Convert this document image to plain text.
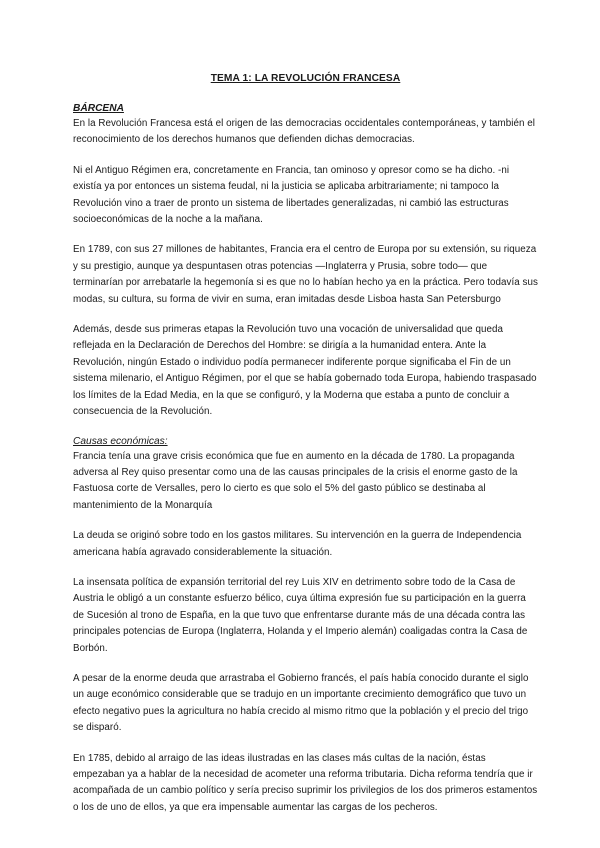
TEMA 1: LA REVOLUCIÓN FRANCESA
BÁRCENA

En la Revolución Francesa está el origen de las democracias occidentales contemporáneas, y también el reconocimiento de los derechos humanos que defienden dichas democracias.

Ni el Antiguo Régimen era, concretamente en Francia, tan ominoso y opresor como se ha dicho. -ni existía ya por entonces un sistema feudal, ni la justicia se aplicaba arbitrariamente; ni tampoco la Revolución vino a traer de pronto un sistema de libertades generalizadas, ni cambió las estructuras socioeconómicas de la noche a la mañana.

En 1789, con sus 27 millones de habitantes, Francia era el centro de Europa por su extensión, su riqueza y su prestigio, aunque ya despuntasen otras potencias —Inglaterra y Prusia, sobre todo— que terminarían por arrebatarle la hegemonía si es que no lo habían hecho ya en la práctica. Pero todavía sus modas, su cultura, su forma de vivir en suma, eran imitadas desde Lisboa hasta San Petersburgo

Además, desde sus primeras etapas la Revolución tuvo una vocación de universalidad que queda reflejada en la Declaración de Derechos del Hombre: se dirigía a la humanidad entera. Ante la Revolución, ningún Estado o individuo podía permanecer indiferente porque significaba el Fin de un sistema milenario, el Antiguo Régimen, por el que se había gobernado toda Europa, habiendo traspasado los límites de la Edad Media, en la que se configuró, y la Moderna que estaba a punto de concluir a consecuencia de la Revolución.

Causas económicas:

Francia tenía una grave crisis económica que fue en aumento en la década de 1780. La propaganda adversa al Rey quiso presentar como una de las causas principales de la crisis el enorme gasto de la Fastuosa corte de Versalles, pero lo cierto es que solo el 5% del gasto público se destinaba al mantenimiento de la Monarquía

La deuda se originó sobre todo en los gastos militares. Su intervención en la guerra de Independencia americana había agravado considerablemente la situación.

La insensata política de expansión territorial del rey Luis XIV en detrimento sobre todo de la Casa de Austria le obligó a un constante esfuerzo bélico, cuya última expresión fue su participación en la guerra de Sucesión al trono de España, en la que tuvo que enfrentarse durante más de una década contra las principales potencias de Europa (Inglaterra, Holanda y el Imperio alemán) coaligadas contra la Casa de Borbón.

A pesar de la enorme deuda que arrastraba el Gobierno francés, el país había conocido durante el siglo un auge económico considerable que se tradujo en un importante crecimiento demográfico que tuvo un efecto negativo pues la agricultura no había crecido al mismo ritmo que la población y el precio del trigo se disparó.

En 1785, debido al arraigo de las ideas ilustradas en las clases más cultas de la nación, éstas empezaban ya a hablar de la necesidad de acometer una reforma tributaria. Dicha reforma tendría que ir acompañada de un cambio político y sería preciso suprimir los privilegios de los dos primeros estamentos o los de uno de ellos, ya que era impensable aumentar las cargas de los pecheros.
